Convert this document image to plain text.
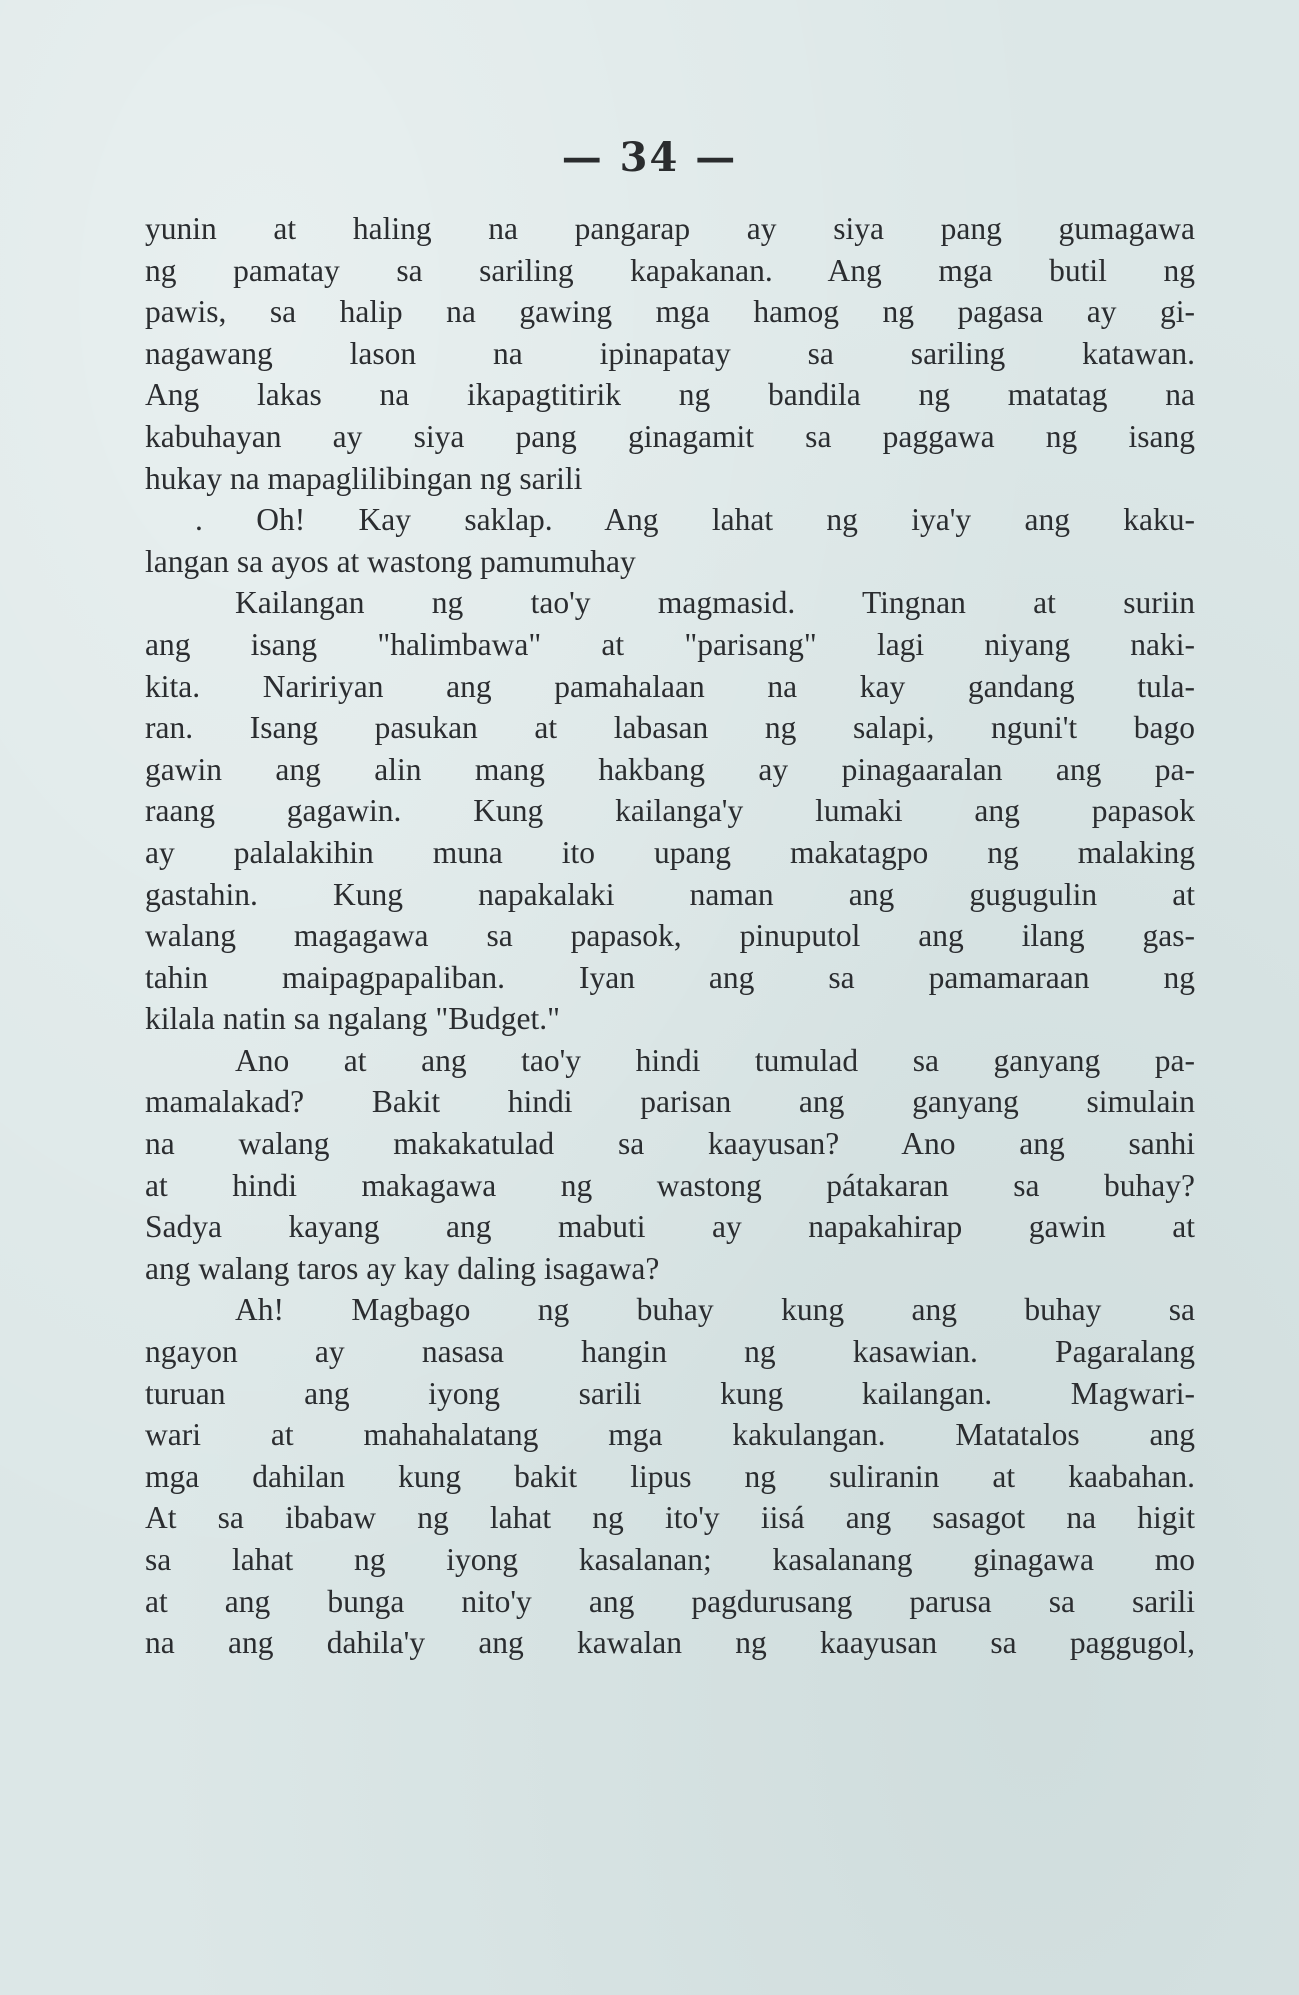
— 34 —
yunin at haling na pangarap ay siya pang gumagawa
ng pamatay sa sariling kapakanan. Ang mga butil ng
pawis, sa halip na gawing mga hamog ng pagasa ay gi-
nagawang lason na ipinapatay sa sariling katawan.
Ang lakas na ikapagtitirik ng bandila ng matatag na
kabuhayan ay siya pang ginagamit sa paggawa ng isang
hukay na mapaglilibingan ng sarili
. Oh! Kay saklap. Ang lahat ng iya'y ang kaku-
langan sa ayos at wastong pamumuhay
Kailangan ng tao'y magmasid. Tingnan at suriin
ang isang "halimbawa" at "parisang" lagi niyang naki-
kita. Naririyan ang pamahalaan na kay gandang tula-
ran. Isang pasukan at labasan ng salapi, nguni't bago
gawin ang alin mang hakbang ay pinagaaralan ang pa-
raang gagawin. Kung kailanga'y lumaki ang papasok
ay palalakihin muna ito upang makatagpo ng malaking
gastahin. Kung napakalaki naman ang gugugulin at
walang magagawa sa papasok, pinuputol ang ilang gas-
tahin maipagpapaliban. Iyan ang sa pamamaraan ng
kilala natin sa ngalang "Budget."
Ano at ang tao'y hindi tumulad sa ganyang pa-
mamalakad? Bakit hindi parisan ang ganyang simulain
na walang makakatulad sa kaayusan? Ano ang sanhi
at hindi makagawa ng wastong pátakaran sa buhay?
Sadya kayang ang mabuti ay napakahirap gawin at
ang walang taros ay kay daling isagawa?
Ah! Magbago ng buhay kung ang buhay sa
ngayon ay nasasa hangin ng kasawian. Pagaralang
turuan ang iyong sarili kung kailangan. Magwari-
wari at mahahalatang mga kakulangan. Matatalos ang
mga dahilan kung bakit lipus ng suliranin at kaabahan.
At sa ibabaw ng lahat ng ito'y iisá ang sasagot na higit
sa lahat ng iyong kasalanan; kasalanang ginagawa mo
at ang bunga nito'y ang pagdurusang parusa sa sarili
na ang dahila'y ang kawalan ng kaayusan sa paggugol,
